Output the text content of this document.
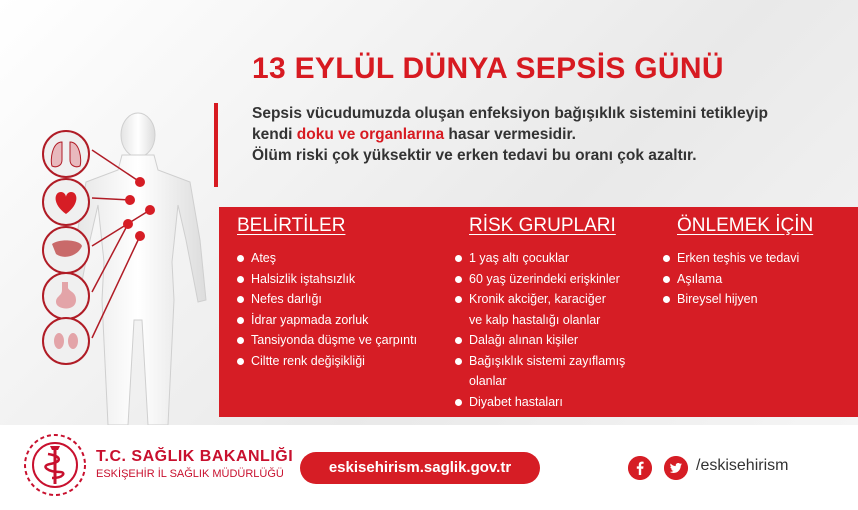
13 EYLÜL DÜNYA SEPSİS GÜNÜ

Sepsis vücudumuzda oluşan enfeksiyon bağışıklık sistemini tetikleyip

kendi doku ve organlarına hasar vermesidir.

Ölüm riski çok yüksektir ve erken tedavi bu oranı çok azaltır.

BELİRTİLER
Ateş
Halsizlik iştahsızlık
Nefes darlığı
İdrar yapmada zorluk
Tansiyonda düşme ve çarpıntı
Ciltte renk değişikliği
RİSK GRUPLARI
1 yaş altı çocuklar
60 yaş üzerindeki erişkinler
Kronik akciğer, karaciğer
ve kalp hastalığı olanlar
Dalağı alınan kişiler
Bağışıklık sistemi zayıflamış
olanlar
Diyabet hastaları
ÖNLEMEK İÇİN
Erken teşhis ve tedavi
Aşılama
Bireysel hijyen
T.C. SAĞLIK BAKANLIĞI
ESKİŞEHİR İL SAĞLIK MÜDÜRLÜĞÜ	eskisehirism.saglik.gov.tr	/eskisehirism
